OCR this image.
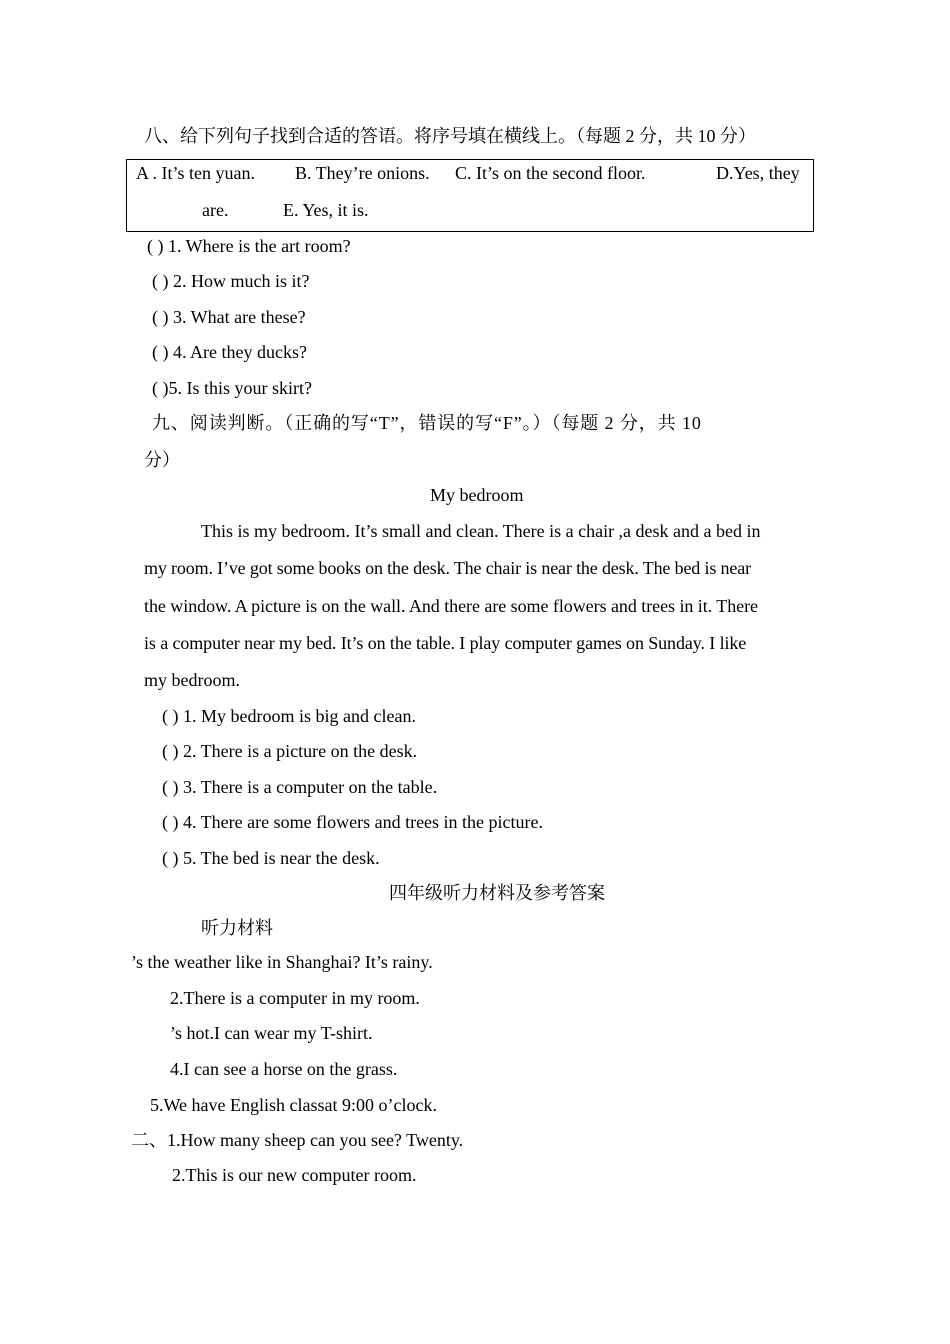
八、给下列句子找到合适的答语。将序号填在横线上。（每题 2 分，共 10 分）
A . It’s ten yuan. B. They’re onions. C. It’s on the second floor.	D.Yes, they
are.	E. Yes, it is.
( ) 1. Where is the art room?
( ) 2. How much is it?
( ) 3. What are these?
( ) 4. Are they ducks?
( )5. Is this your skirt?
九、阅读判断。（正确的写“T”，错误的写“F”。）（每题 2 分，共 10
分）
My bedroom
This is my bedroom. It’s small and clean. There is a chair ,a desk and a bed in
my room. I’ve got some books on the desk. The chair is near the desk. The bed is near
the window. A picture is on the wall. And there are some flowers and trees in it. There
is a computer near my bed. It’s on the table. I play computer games on Sunday. I like
my bedroom.
( ) 1. My bedroom is big and clean.
( ) 2. There is a picture on the desk.
( ) 3. There is a computer on the table.
( ) 4. There are some flowers and trees in the picture.
( ) 5. The bed is near the desk.
四年级听力材料及参考答案
听力材料
’s the weather like in Shanghai? It’s rainy.
2.There is a computer in my room.
’s hot.I can wear my T-shirt.
4.I can see a horse on the grass.
5.We have English classat 9:00 o’clock.
二、1.How many sheep can you see? Twenty.
2.This is our new computer room.
